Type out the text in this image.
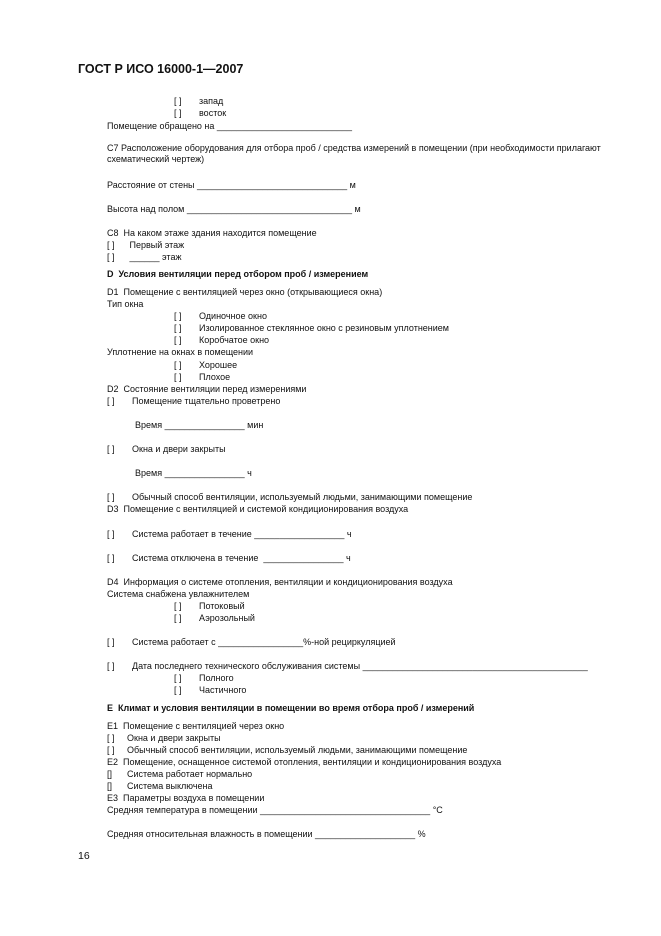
ГОСТ Р ИСО 16000-1—2007
[ ]       запад
[ ]       восток
Помещение обращено на ___________________________
C7 Расположение оборудования для отбора проб / средства измерений в помещении (при необходимости прилагают схематический чертеж)
Расстояние от стены ______________________________ м
Высота над полом _________________________________ м
C8  На каком этаже здания находится помещение
[ ]      Первый этаж
[ ]      ______ этаж
D  Условия вентиляции перед отбором проб / измерением
D1  Помещение с вентиляцией через окно (открывающиеся окна)
Тип окна
[ ]       Одиночное окно
[ ]       Изолированное стеклянное окно с резиновым уплотнением
[ ]       Коробчатое окно
Уплотнение на окнах в помещении
[ ]       Хорошее
[ ]       Плохое
D2  Состояние вентиляции перед измерениями
[ ]       Помещение тщательно проветрено
Время ________________ мин
[ ]       Окна и двери закрыты
Время ________________ ч
[ ]       Обычный способ вентиляции, используемый людьми, занимающими помещение
D3  Помещение с вентиляцией и системой кондиционирования воздуха
[ ]       Система работает в течение __________________ ч
[ ]       Система отключена в течение  ________________ ч
D4  Информация о системе отопления, вентиляции и кондиционирования воздуха
Система снабжена увлажнителем
[ ]       Потоковый
[ ]       Аэрозольный
[ ]       Система работает с _________________%-ной рециркуляцией
[ ]       Дата последнего технического обслуживания системы _____________________________________________
[ ]       Полного
[ ]       Частичного
E  Климат и условия вентиляции в помещении во время отбора проб / измерений
E1  Помещение с вентиляцией через окно
[ ]     Окна и двери закрыты
[ ]     Обычный способ вентиляции, используемый людьми, занимающими помещение
E2  Помещение, оснащенное системой отопления, вентиляции и кондиционирования воздуха
[]      Система работает нормально
[]      Система выключена
E3  Параметры воздуха в помещении
Средняя температура в помещении __________________________________ °C
Средняя относительная влажность в помещении ____________________ %
16
